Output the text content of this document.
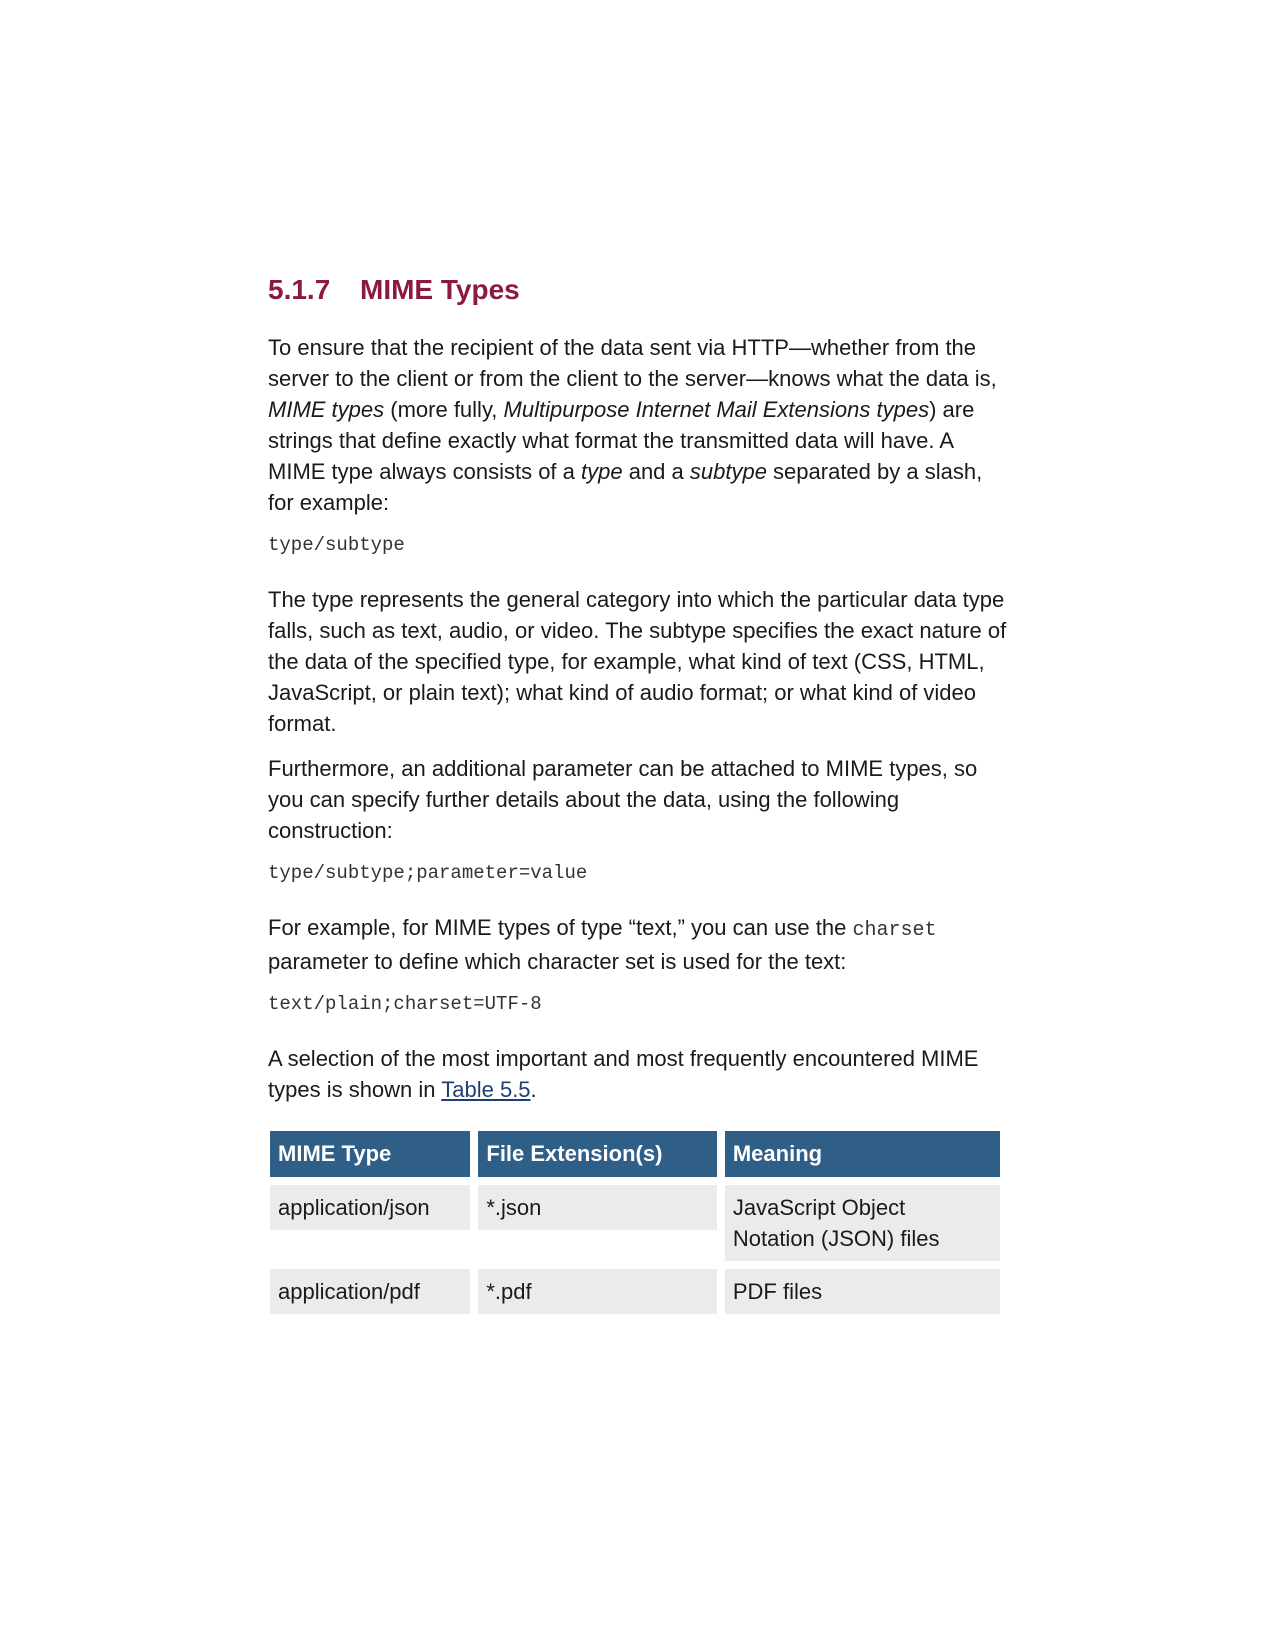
5.1.7 MIME Types

To ensure that the recipient of the data sent via HTTP—whether from the server to the client or from the client to the server—knows what the data is, MIME types (more fully, Multipurpose Internet Mail Extensions types) are strings that define exactly what format the transmitted data will have. A MIME type always consists of a type and a subtype separated by a slash, for example:

type/subtype

The type represents the general category into which the particular data type falls, such as text, audio, or video. The subtype specifies the exact nature of the data of the specified type, for example, what kind of text (CSS, HTML, JavaScript, or plain text); what kind of audio format; or what kind of video format.

Furthermore, an additional parameter can be attached to MIME types, so you can specify further details about the data, using the following construction:

type/subtype;parameter=value

For example, for MIME types of type “text,” you can use the charset parameter to define which character set is used for the text:

text/plain;charset=UTF-8

A selection of the most important and most frequently encountered MIME types is shown in Table 5.5.

MIME Type	File Extension(s)	Meaning

application/json	*.json	JavaScript Object Notation (JSON) files

application/pdf	*.pdf	PDF files
